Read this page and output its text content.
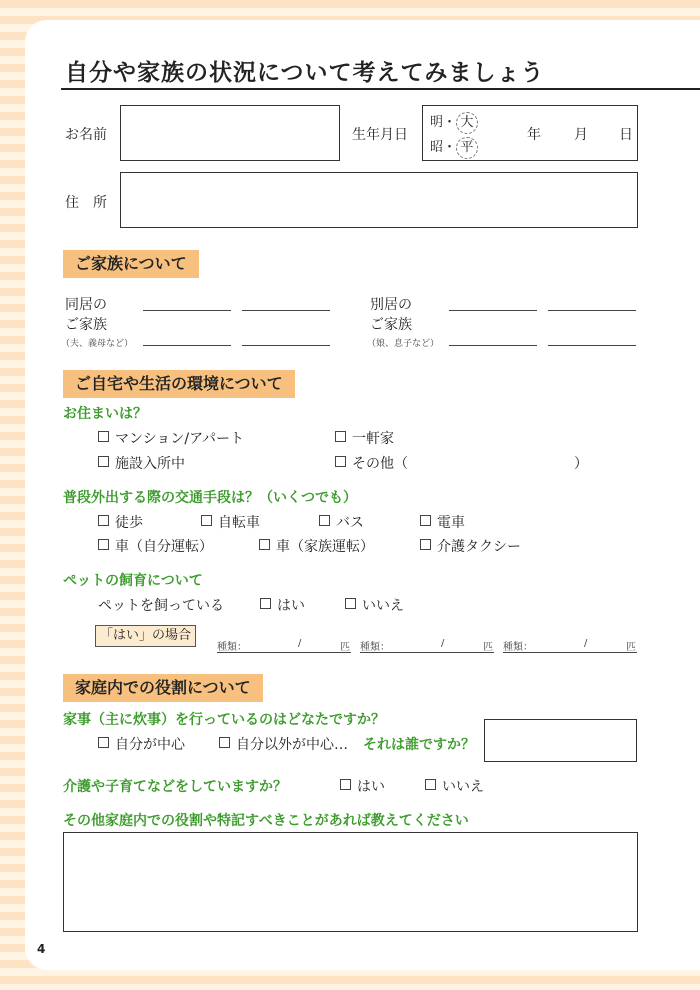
自分や家族の状況について考えてみましょう
お名前	生年月日
明・ 大
昭・ 平
年 月 日
住　所
ご家族について
同居の
ご家族
（夫、義母など）
別居の
ご家族
（娘、息子など）
ご自宅や生活の環境について
お住まいは？
マンション/アパート	一軒家
施設入所中	その他（	）
普段外出する際の交通手段は？（いくつでも）
徒歩	自転車	バス	電車
車（自分運転）	車（家族運転）	介護タクシー
ペットの飼育について
ペットを飼っている	はい	いいえ
「はい」の場合
種類：	/	匹 種類：	/	匹 種類：	/	匹
家庭内での役割について
家事（主に炊事）を行っているのはどなたですか？
自分が中心	自分以外が中心… それは誰ですか？
介護や子育てなどをしていますか？	はい	いいえ
その他家庭内での役割や特記すべきことがあれば教えてください
4
